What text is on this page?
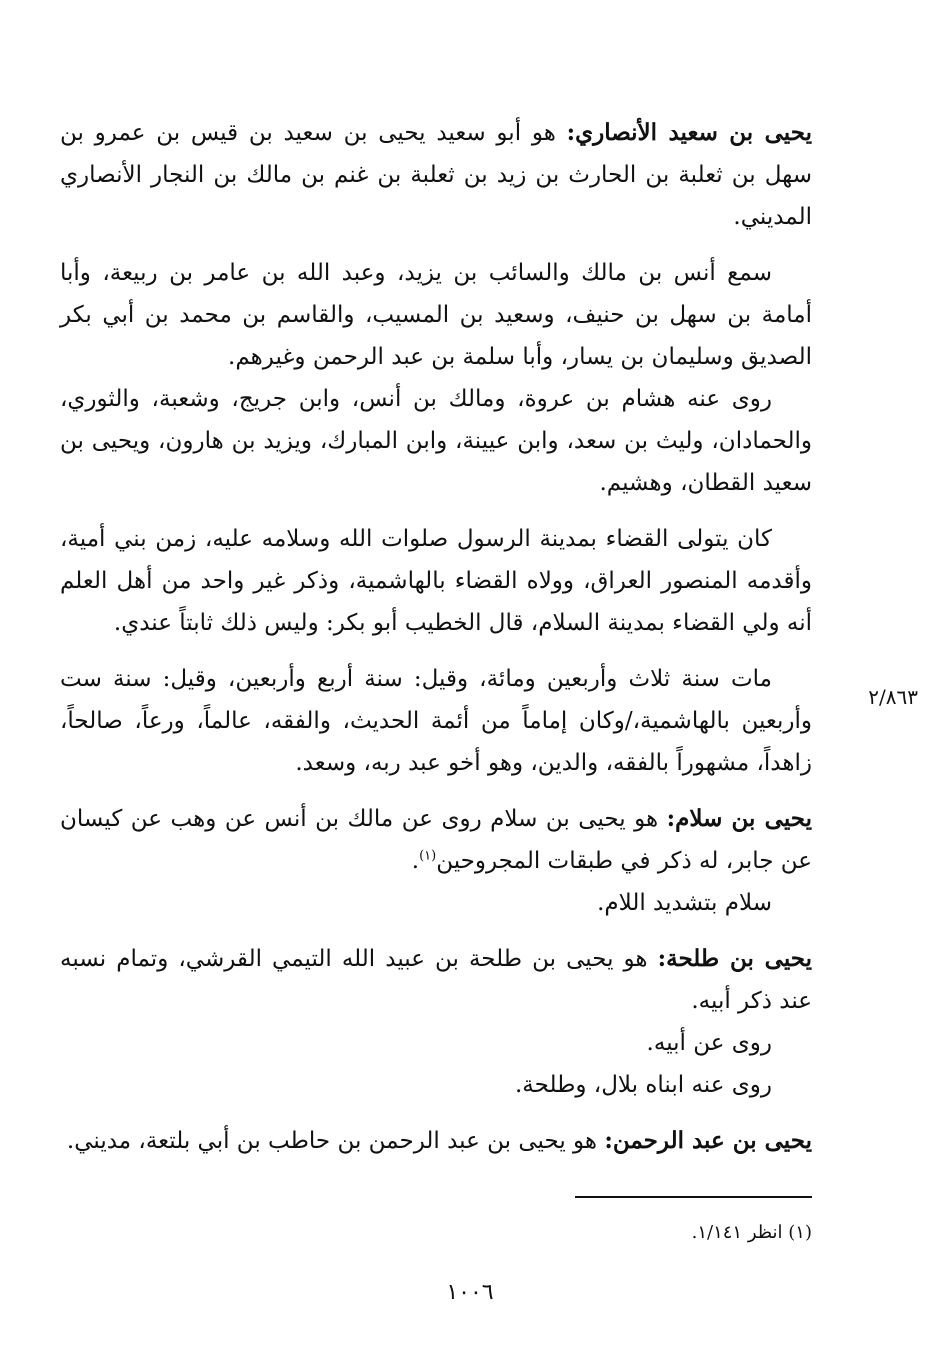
يحيى بن سعيد الأنصاري: هو أبو سعيد يحيى بن سعيد بن قيس بن عمرو بن سهل بن ثعلبة بن الحارث بن زيد بن ثعلبة بن غنم بن مالك بن النجار الأنصاري المديني.

سمع أنس بن مالك والسائب بن يزيد، وعبد الله بن عامر بن ربيعة، وأبا أمامة بن سهل بن حنيف، وسعيد بن المسيب، والقاسم بن محمد بن أبي بكر الصديق وسليمان بن يسار، وأبا سلمة بن عبد الرحمن وغيرهم.

روى عنه هشام بن عروة، ومالك بن أنس، وابن جريج، وشعبة، والثوري، والحمادان، وليث بن سعد، وابن عيينة، وابن المبارك، ويزيد بن هارون، ويحيى بن سعيد القطان، وهشيم.

كان يتولى القضاء بمدينة الرسول صلوات الله وسلامه عليه، زمن بني أمية، وأقدمه المنصور العراق، وولاه القضاء بالهاشمية، وذكر غير واحد من أهل العلم أنه ولي القضاء بمدينة السلام، قال الخطيب أبو بكر: وليس ذلك ثابتاً عندي.

مات سنة ثلاث وأربعين ومائة، وقيل: سنة أربع وأربعين، وقيل: سنة ست وأربعين بالهاشمية،/وكان إماماً من أئمة الحديث، والفقه، عالماً، ورعاً، صالحاً، زاهداً، مشهوراً بالفقه، والدين، وهو أخو عبد ربه، وسعد.

يحيى بن سلام: هو يحيى بن سلام روى عن مالك بن أنس عن وهب عن كيسان عن جابر، له ذكر في طبقات المجروحين$^{(١)}$.

سلام بتشديد اللام.

يحيى بن طلحة: هو يحيى بن طلحة بن عبيد الله التيمي القرشي، وتمام نسبه عند ذكر أبيه.

روى عن أبيه.

روى عنه ابناه بلال، وطلحة.

يحيى بن عبد الرحمن: هو يحيى بن عبد الرحمن بن حاطب بن أبي بلتعة، مديني.

٢/٨٦٣
(١) انظر ١/١٤١.
١٠٠٦
